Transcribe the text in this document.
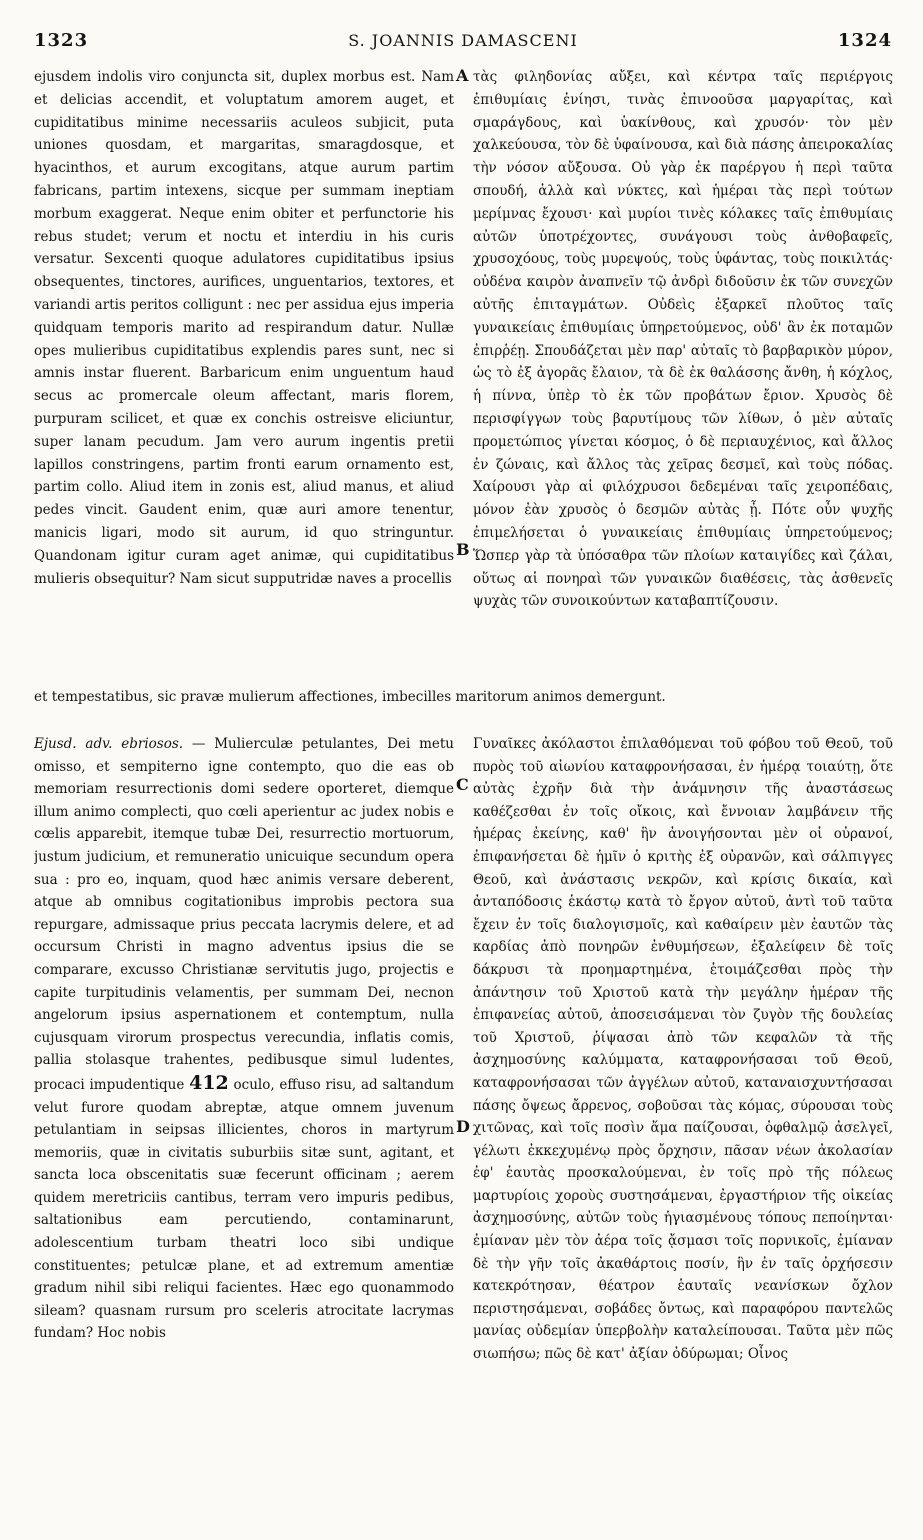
1323	S. JOANNIS DAMASCENI	1324
ejusdem indolis viro conjuncta sit, duplex morbus est. Nam et delicias accendit, et voluptatum amorem auget, et cupiditatibus minime necessariis aculeos subjicit, puta uniones quosdam, et margaritas, smaragdosque, et hyacinthos, et aurum excogitans, atque aurum partim fabricans, partim intexens, sicque per summam ineptiam morbum exaggerat. Neque enim obiter et perfunctorie his rebus studet; verum et noctu et interdiu in his curis versatur. Sexcenti quoque adulatores cupiditatibus ipsius obsequentes, tinctores, aurifices, unguentarios, textores, et variandi artis peritos colligunt : nec per assidua ejus imperia quidquam temporis marito ad respirandum datur. Nullæ opes mulieribus cupiditatibus explendis pares sunt, nec si amnis instar fluerent. Barbaricum enim unguentum haud secus ac promercale oleum affectant, maris florem, purpuram scilicet, et quæ ex conchis ostreisve eliciuntur, super lanam pecudum. Jam vero aurum ingentis pretii lapillos constringens, partim fronti earum ornamento est, partim collo. Aliud item in zonis est, aliud manus, et aliud pedes vincit. Gaudent enim, quæ auri amore tenentur, manicis ligari, modo sit aurum, id quo stringuntur. Quandonam igitur curam aget animæ, qui cupiditatibus mulieris obsequitur? Nam sicut supputridæ naves a procellis
τὰς φιληδονίας αὔξει, καὶ κέντρα ταῖς περιέργοις ἐπιθυμίαις ἐνίησι, τινὰς ἐπινοοῦσα μαργαρίτας, καὶ σμαράγδους, καὶ ὑακίνθους, καὶ χρυσόν· τὸν μὲν χαλκεύουσα, τὸν δὲ ὑφαίνουσα, καὶ διὰ πάσης ἀπειροκαλίας τὴν νόσον αὔξουσα. Οὐ γὰρ ἐκ παρέργου ἡ περὶ ταῦτα σπουδή, ἀλλὰ καὶ νύκτες, καὶ ἡμέραι τὰς περὶ τούτων μερίμνας ἔχουσι· καὶ μυρίοι τινὲς κόλακες ταῖς ἐπιθυμίαις αὐτῶν ὑποτρέχοντες, συνάγουσι τοὺς ἀνθοβαφεῖς, χρυσοχόους, τοὺς μυρεψούς, τοὺς ὑφάντας, τοὺς ποικιλτάς· οὐδένα καιρὸν ἀναπνεῖν τῷ ἀνδρὶ διδοῦσιν ἐκ τῶν συνεχῶν αὐτῆς ἐπιταγμάτων. Οὐδεὶς ἐξαρκεῖ πλοῦτος ταῖς γυναικείαις ἐπιθυμίαις ὑπηρετούμενος, οὐδ' ἂν ἐκ ποταμῶν ἐπιρῥέῃ. Σπουδάζεται μὲν παρ' αὐταῖς τὸ βαρβαρικὸν μύρον, ὡς τὸ ἐξ ἀγορᾶς ἔλαιον, τὰ δὲ ἐκ θαλάσσης ἄνθη, ἡ κόχλος, ἡ πίννα, ὑπὲρ τὸ ἐκ τῶν προβάτων ἔριον. Χρυσὸς δὲ περισφίγγων τοὺς βαρυτίμους τῶν λίθων, ὁ μὲν αὐταῖς προμετώπιος γίνεται κόσμος, ὁ δὲ περιαυχένιος, καὶ ἄλλος ἐν ζώναις, καὶ ἄλλος τὰς χεῖρας δεσμεῖ, καὶ τοὺς πόδας. Χαίρουσι γὰρ αἱ φιλόχρυσοι δεδεμέναι ταῖς χειροπέδαις, μόνον ἐὰν χρυσὸς ὁ δεσμῶν αὐτὰς ᾖ. Πότε οὖν ψυχῆς ἐπιμελήσεται ὁ γυναικείαις ἐπιθυμίαις ὑπηρετούμενος; Ὥσπερ γὰρ τὰ ὑπόσαθρα τῶν πλοίων καταιγίδες καὶ ζάλαι, οὕτως αἱ πονηραὶ τῶν γυναικῶν διαθέσεις, τὰς ἀσθενεῖς ψυχὰς τῶν συνοικούντων καταβαπτίζουσιν.
A
B
C
D
et tempestatibus, sic pravæ mulierum affectiones, imbecilles maritorum animos demergunt.
Ejusd. adv. ebriosos. — Mulierculæ petulantes, Dei metu omisso, et sempiterno igne contempto, quo die eas ob memoriam resurrectionis domi sedere oporteret, diemque illum animo complecti, quo cœli aperientur ac judex nobis e cœlis apparebit, itemque tubæ Dei, resurrectio mortuorum, justum judicium, et remuneratio unicuique secundum opera sua : pro eo, inquam, quod hæc animis versare deberent, atque ab omnibus cogitationibus improbis pectora sua repurgare, admissaque prius peccata lacrymis delere, et ad occursum Christi in magno adventus ipsius die se comparare, excusso Christianæ servitutis jugo, projectis e capite turpitudinis velamentis, per summam Dei, necnon angelorum ipsius aspernationem et contemptum, nulla cujusquam virorum prospectus verecundia, inflatis comis, pallia stolasque trahentes, pedibusque simul ludentes, procaci impudentique 412 oculo, effuso risu, ad saltandum velut furore quodam abreptæ, atque omnem juvenum petulantiam in seipsas illicientes, choros in martyrum memoriis, quæ in civitatis suburbiis sitæ sunt, agitant, et sancta loca obscenitatis suæ fecerunt officinam ; aerem quidem meretriciis cantibus, terram vero impuris pedibus, saltationibus eam percutiendo, contaminarunt, adolescentium turbam theatri loco sibi undique constituentes; petulcæ plane, et ad extremum amentiæ gradum nihil sibi reliqui facientes. Hæc ego quonammodo sileam? quasnam rursum pro sceleris atrocitate lacrymas fundam? Hoc nobis
Γυναῖκες ἀκόλαστοι ἐπιλαθόμεναι τοῦ φόβου τοῦ Θεοῦ, τοῦ πυρὸς τοῦ αἰωνίου καταφρονήσασαι, ἐν ἡμέρᾳ τοιαύτῃ, ὅτε αὐτὰς ἐχρῆν διὰ τὴν ἀνάμνησιν τῆς ἀναστάσεως καθέζεσθαι ἐν τοῖς οἴκοις, καὶ ἔννοιαν λαμβάνειν τῆς ἡμέρας ἐκείνης, καθ' ἣν ἀνοιγήσονται μὲν οἱ οὐρανοί, ἐπιφανήσεται δὲ ἡμῖν ὁ κριτὴς ἐξ οὐρανῶν, καὶ σάλπιγγες Θεοῦ, καὶ ἀνάστασις νεκρῶν, καὶ κρίσις δικαία, καὶ ἀνταπόδοσις ἑκάστῳ κατὰ τὸ ἔργον αὐτοῦ, ἀντὶ τοῦ ταῦτα ἔχειν ἐν τοῖς διαλογισμοῖς, καὶ καθαίρειν μὲν ἑαυτῶν τὰς καρδίας ἀπὸ πονηρῶν ἐνθυμήσεων, ἐξαλείφειν δὲ τοῖς δάκρυσι τὰ προημαρτημένα, ἑτοιμάζεσθαι πρὸς τὴν ἀπάντησιν τοῦ Χριστοῦ κατὰ τὴν μεγάλην ἡμέραν τῆς ἐπιφανείας αὐτοῦ, ἀποσεισάμεναι τὸν ζυγὸν τῆς δουλείας τοῦ Χριστοῦ, ῥίψασαι ἀπὸ τῶν κεφαλῶν τὰ τῆς ἀσχημοσύνης καλύμματα, καταφρονήσασαι τοῦ Θεοῦ, καταφρονήσασαι τῶν ἀγγέλων αὐτοῦ, καταναισχυντήσασαι πάσης ὄψεως ἄρρενος, σοβοῦσαι τὰς κόμας, σύρουσαι τοὺς χιτῶνας, καὶ τοῖς ποσὶν ἅμα παίζουσαι, ὀφθαλμῷ ἀσελγεῖ, γέλωτι ἐκκεχυμένῳ πρὸς ὄρχησιν, πᾶσαν νέων ἀκολασίαν ἐφ' ἑαυτὰς προσκαλούμεναι, ἐν τοῖς πρὸ τῆς πόλεως μαρτυρίοις χοροὺς συστησάμεναι, ἐργαστήριον τῆς οἰκείας ἀσχημοσύνης, αὐτῶν τοὺς ἡγιασμένους τόπους πεποίηνται· ἐμίαναν μὲν τὸν ἀέρα τοῖς ᾄσμασι τοῖς πορνικοῖς, ἐμίαναν δὲ τὴν γῆν τοῖς ἀκαθάρτοις ποσίν, ἣν ἐν ταῖς ὀρχήσεσιν κατεκρότησαν, θέατρον ἑαυταῖς νεανίσκων ὄχλον περιστησάμεναι, σοβάδες ὄντως, καὶ παραφόρου παντελῶς μανίας οὐδεμίαν ὑπερβολὴν καταλείπουσαι. Ταῦτα μὲν πῶς σιωπήσω; πῶς δὲ κατ' ἀξίαν ὀδύρωμαι; Οἶνος
